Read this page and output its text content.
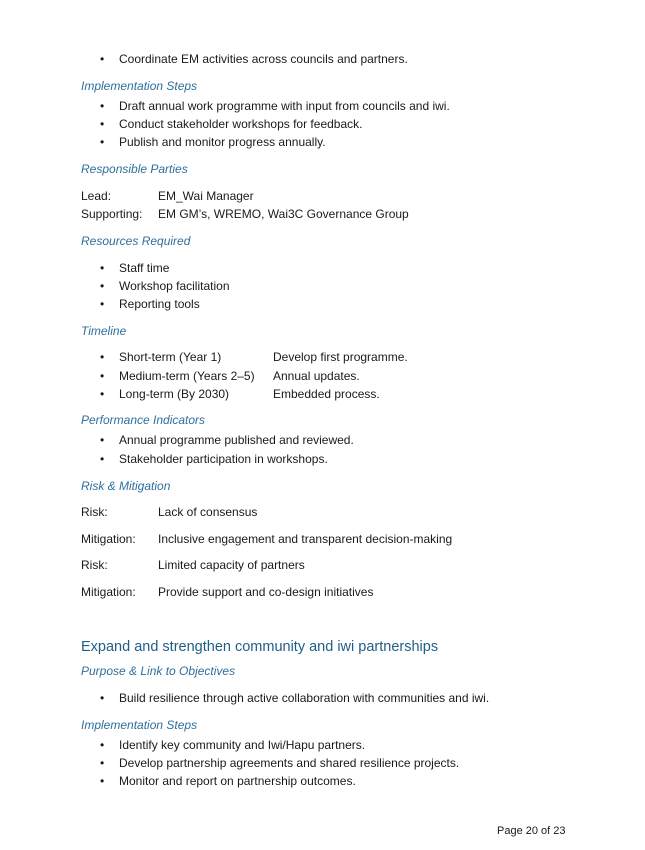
• Coordinate EM activities across councils and partners.
Implementation Steps
• Draft annual work programme with input from councils and iwi.
• Conduct stakeholder workshops for feedback.
• Publish and monitor progress annually.
Responsible Parties
Lead:	EM_Wai Manager
Supporting: EM GM’s, WREMO, Wai3C Governance Group
Resources Required
• Staff time
• Workshop facilitation
• Reporting tools
Timeline
• Short-term (Year 1)	Develop first programme.
• Medium-term (Years 2–5) Annual updates.
• Long-term (By 2030)	Embedded process.
Performance Indicators
• Annual programme published and reviewed.
• Stakeholder participation in workshops.
Risk & Mitigation
Risk:	Lack of consensus
Mitigation: Inclusive engagement and transparent decision-making
Risk:	Limited capacity of partners
Mitigation: Provide support and co-design initiatives
Expand and strengthen community and iwi partnerships
Purpose & Link to Objectives
• Build resilience through active collaboration with communities and iwi.
Implementation Steps
• Identify key community and Iwi/Hapu partners.
• Develop partnership agreements and shared resilience projects.
• Monitor and report on partnership outcomes.
Page 20 of 23
